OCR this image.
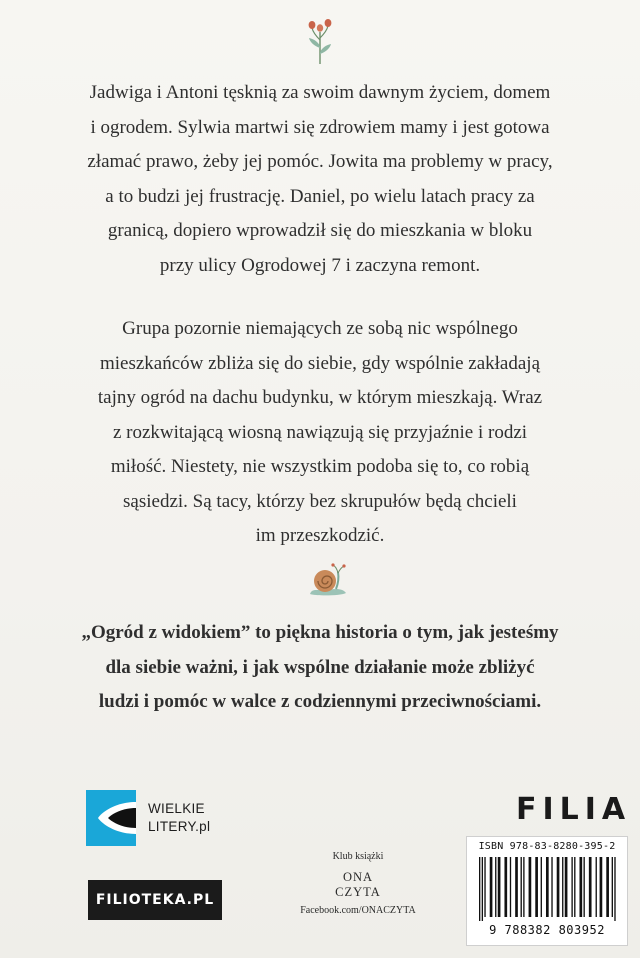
Jadwiga i Antoni tęsknią za swoim dawnym życiem, domem
i ogrodem. Sylwia martwi się zdrowiem mamy i jest gotowa
złamać prawo, żeby jej pomóc. Jowita ma problemy w pracy,
a to budzi jej frustrację. Daniel, po wielu latach pracy za
granicą, dopiero wprowadził się do mieszkania w bloku
przy ulicy Ogrodowej 7 i zaczyna remont.
Grupa pozornie niemających ze sobą nic wspólnego
mieszkańców zbliża się do siebie, gdy wspólnie zakładają
tajny ogród na dachu budynku, w którym mieszkają. Wraz
z rozkwitającą wiosną nawiązują się przyjaźnie i rodzi
miłość. Niestety, nie wszystkim podoba się to, co robią
sąsiedzi. Są tacy, którzy bez skrupułów będą chcieli
im przeszkodzić.
„Ogród z widokiem” to piękna historia o tym, jak jesteśmy
dla siebie ważni, i jak wspólne działanie może zbliżyć
ludzi i pomóc w walce z codziennymi przeciwnościami.
WIELKIE
LITERY.pl
FILIOTEKA.PL
Klub książki
ONA
CZYTA
Facebook.com/ONACZYTA
FILIA
ISBN 978-83-8280-395-2
9 788382 803952
